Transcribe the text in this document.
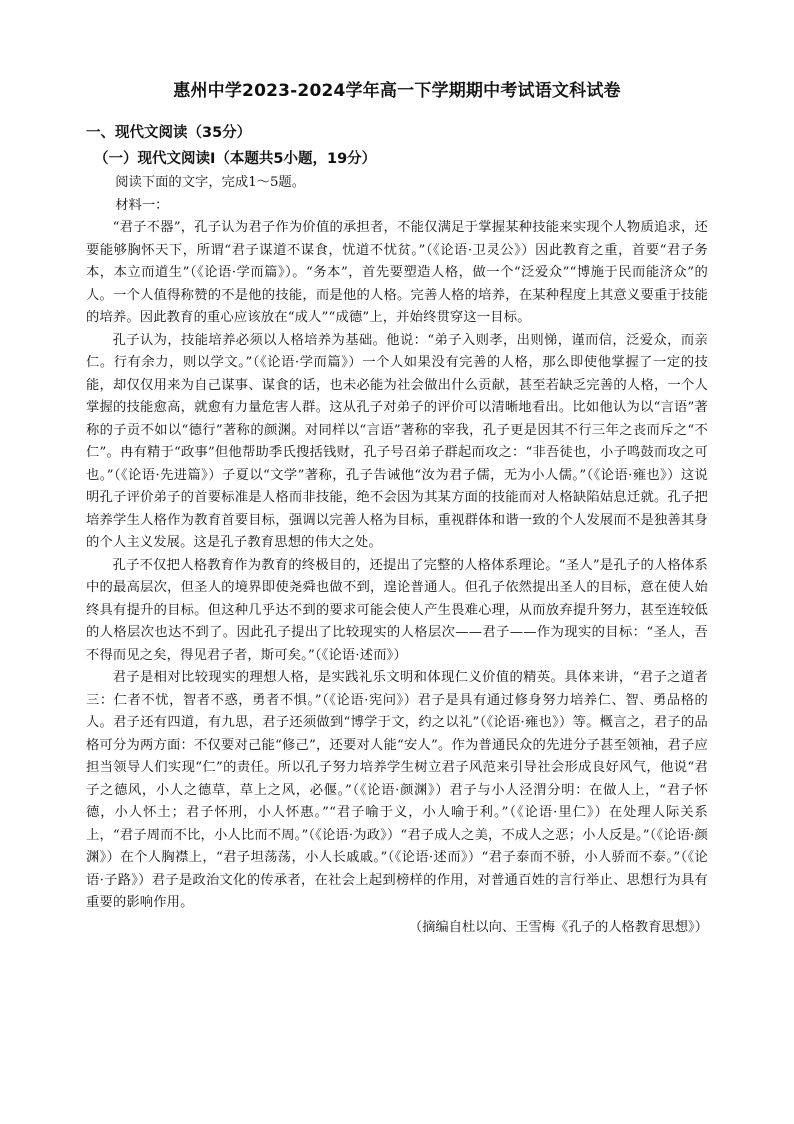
惠州中学2023-2024学年高一下学期期中考试语文科试卷
一、现代文阅读（35分）
（一）现代文阅读Ⅰ（本题共5小题，19分）

阅读下面的文字，完成1～5题。

材料一：

“君子不器”，孔子认为君子作为价值的承担者，不能仅满足于掌握某种技能来实现个人物质追求，还要能够胸怀天下，所谓“君子谋道不谋食，忧道不忧贫。”（《论语·卫灵公》）因此教育之重，首要“君子务本，本立而道生”（《论语·学而篇》）。“务本”，首先要塑造人格，做一个“泛爱众”“博施于民而能济众”的人。一个人值得称赞的不是他的技能，而是他的人格。完善人格的培养，在某种程度上其意义要重于技能的培养。因此教育的重心应该放在“成人”“成德”上，并始终贯穿这一目标。

孔子认为，技能培养必须以人格培养为基础。他说：“弟子入则孝，出则悌，谨而信，泛爱众，而亲仁。行有余力，则以学文。”（《论语·学而篇》）一个人如果没有完善的人格，那么即使他掌握了一定的技能，却仅仅用来为自己谋事、谋食的话，也未必能为社会做出什么贡献，甚至若缺乏完善的人格，一个人掌握的技能愈高，就愈有力量危害人群。这从孔子对弟子的评价可以清晰地看出。比如他认为以“言语”著称的子贡不如以“德行”著称的颜渊。对同样以“言语”著称的宰我，孔子更是因其不行三年之丧而斥之“不仁”。冉有精于“政事”但他帮助季氏搜括钱财，孔子号召弟子群起而攻之：“非吾徒也，小子鸣鼓而攻之可也。”（《论语·先进篇》）子夏以“文学”著称，孔子告诫他“汝为君子儒，无为小人儒。”（《论语·雍也》）这说明孔子评价弟子的首要标准是人格而非技能，绝不会因为其某方面的技能而对人格缺陷姑息迁就。孔子把培养学生人格作为教育首要目标，强调以完善人格为目标，重视群体和谐一致的个人发展而不是独善其身的个人主义发展。这是孔子教育思想的伟大之处。

孔子不仅把人格教育作为教育的终极目的，还提出了完整的人格体系理论。“圣人”是孔子的人格体系中的最高层次，但圣人的境界即使尧舜也做不到，遑论普通人。但孔子依然提出圣人的目标，意在使人始终具有提升的目标。但这种几乎达不到的要求可能会使人产生畏难心理，从而放弃提升努力，甚至连较低的人格层次也达不到了。因此孔子提出了比较现实的人格层次——君子——作为现实的目标：“圣人，吾不得而见之矣，得见君子者，斯可矣。”（《论语·述而》）

君子是相对比较现实的理想人格，是实践礼乐文明和体现仁义价值的精英。具体来讲，“君子之道者三：仁者不忧，智者不惑，勇者不惧。”（《论语·宪问》）君子是具有通过修身努力培养仁、智、勇品格的人。君子还有四道，有九思，君子还须做到“博学于文，约之以礼”（《论语·雍也》）等。概言之，君子的品格可分为两方面：不仅要对己能“修己”，还要对人能“安人”。作为普通民众的先进分子甚至领袖，君子应担当领导人们实现“仁”的责任。所以孔子努力培养学生树立君子风范来引导社会形成良好风气，他说“君子之德风，小人之德草，草上之风，必偃。”（《论语·颜渊》）君子与小人泾渭分明：在做人上，“君子怀德，小人怀土；君子怀刑，小人怀惠。”“君子喻于义，小人喻于利。”（《论语·里仁》）在处理人际关系上，“君子周而不比，小人比而不周。”（《论语·为政》）“君子成人之美，不成人之恶；小人反是。”（《论语·颜渊》）在个人胸襟上，“君子坦荡荡，小人长戚戚。”（《论语·述而》）“君子泰而不骄，小人骄而不泰。”（《论语·子路》）君子是政治文化的传承者，在社会上起到榜样的作用，对普通百姓的言行举止、思想行为具有重要的影响作用。

（摘编自杜以向、王雪梅《孔子的人格教育思想》）
